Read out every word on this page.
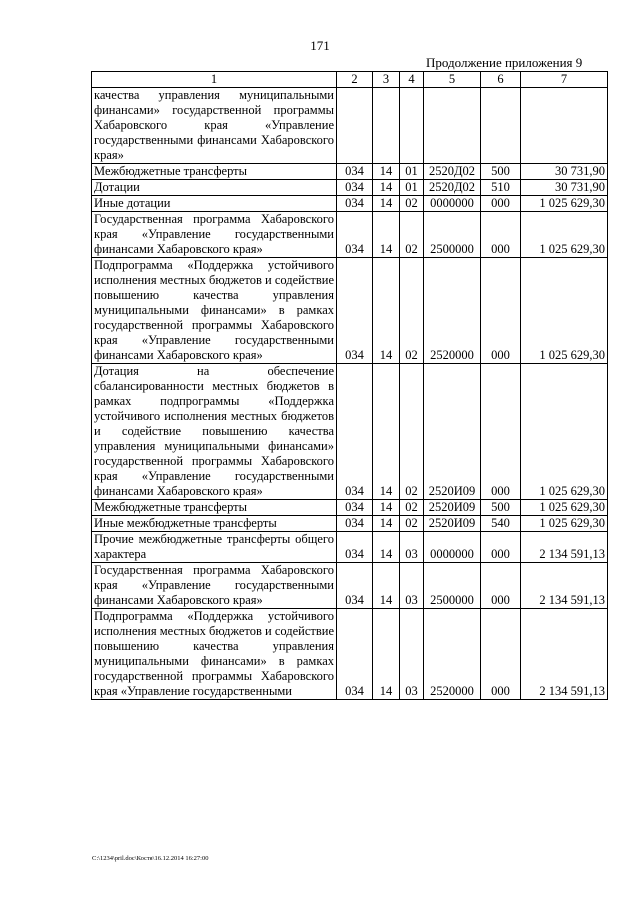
171
Продолжение приложения 9
1	2	3	4	5	6	7
качества управления муниципальными финансами» государственной программы Хабаровского края «Управление государственными финансами Хабаровского края»						
Межбюджетные трансферты	034	14	01	2520Д02	500	30 731,90
Дотации	034	14	01	2520Д02	510	30 731,90
Иные дотации	034	14	02	0000000	000	1 025 629,30
Государственная программа Хабаровского края «Управление государственными финансами Хабаровского края»	034	14	02	2500000	000	1 025 629,30
Подпрограмма «Поддержка устойчивого исполнения местных бюджетов и содействие повышению качества управления муниципальными финансами» в рамках государственной программы Хабаровского края «Управление государственными финансами Хабаровского края»	034	14	02	2520000	000	1 025 629,30
Дотация на обеспечение сбалансированности местных бюджетов в рамках подпрограммы «Поддержка устойчивого исполнения местных бюджетов и содействие повышению качества управления муниципальными финансами» государственной программы Хабаровского края «Управление государственными финансами Хабаровского края»	034	14	02	2520И09	000	1 025 629,30
Межбюджетные трансферты	034	14	02	2520И09	500	1 025 629,30
Иные межбюджетные трансферты	034	14	02	2520И09	540	1 025 629,30
Прочие межбюджетные трансферты общего характера	034	14	03	0000000	000	2 134 591,13
Государственная программа Хабаровского края «Управление государственными финансами Хабаровского края»	034	14	03	2500000	000	2 134 591,13
Подпрограмма «Поддержка устойчивого исполнения местных бюджетов и содействие повышению качества управления муниципальными финансами» в рамках государственной программы Хабаровского края «Управление государственными	034	14	03	2520000	000	2 134 591,13
C:\1234\pril.doc\Костя\16.12.2014 16:27:00
